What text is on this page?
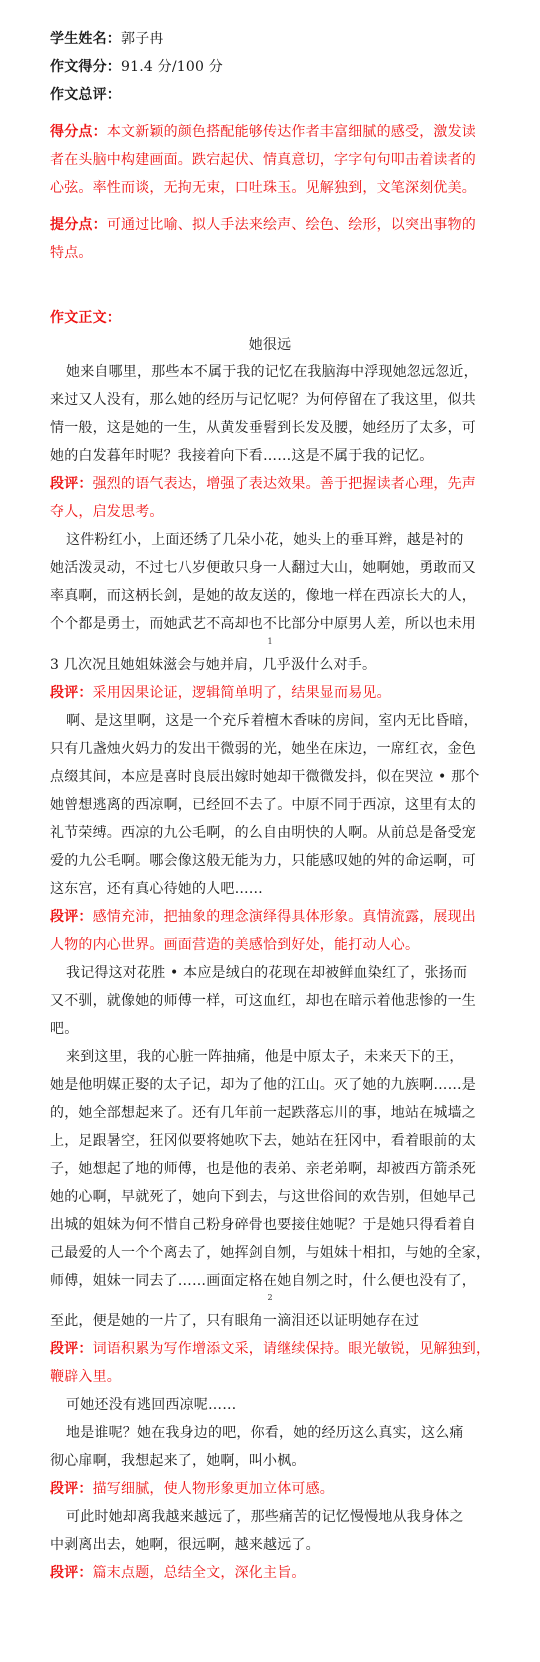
学生姓名：郭子冉
作文得分：91.4 分/100 分
作文总评：
得分点：本文新颖的颜色搭配能够传达作者丰富细腻的感受，激发读
者在头脑中构建画面。跌宕起伏、情真意切，字字句句叩击着读者的
心弦。率性而谈，无拘无束，口吐珠玉。见解独到，文笔深刻优美。
提分点：可通过比喻、拟人手法来绘声、绘色、绘形，以突出事物的
特点。
作文正文：
她很远
她来自哪里，那些本不属于我的记忆在我脑海中浮现她忽远忽近，
来过又人没有，那么她的经历与记忆呢？为何停留在了我这里，似共
情一般，这是她的一生，从黄发垂髫到长发及腰，她经历了太多，可
她的白发暮年时呢？我接着向下看……这是不属于我的记忆。
段评：强烈的语气表达，增强了表达效果。善于把握读者心理，先声
夺人，启发思考。
这件粉红小，上面还绣了几朵小花，她头上的垂耳辫，越是衬的
她活泼灵动，不过七八岁便敢只身一人翻过大山，她啊她，勇敢而又
率真啊，而这柄长剑，是她的故友送的，像地一样在西凉长大的人，
个个都是勇士，而她武艺不高却也不比部分中原男人差，所以也未用
1
3 几次况且她姐妹滋会与她并肩，几乎汲什么对手。
段评：采用因果论证，逻辑简单明了，结果显而易见。
啊、是这里啊，这是一个充斥着檀木香味的房间，室内无比昏暗，
只有几盏烛火妈力的发出干微弱的光，她坐在床边，一席红衣，金色
点缀其间，本应是喜时良辰出嫁时她却干微微发抖，似在哭泣 • 那个
她曾想逃离的西凉啊，已经回不去了。中原不同于西凉，这里有太的
礼节荣缚。西凉的九公毛啊，的么自由明快的人啊。从前总是备受宠
爱的九公毛啊。哪会像这般无能为力，只能感叹她的舛的命运啊，可
这东宫，还有真心待她的人吧……
段评：感情充沛，把抽象的理念演绎得具体形象。真情流露，展现出
人物的内心世界。画面营造的美感恰到好处，能打动人心。
我记得这对花胜 • 本应是绒白的花现在却被鲜血染红了，张扬而
又不驯，就像她的师傅一样，可这血红，却也在暗示着他悲惨的一生
吧。
来到这里，我的心脏一阵抽痛，他是中原太子，未来天下的王，
她是他明媒正娶的太子记，却为了他的江山。灭了她的九族啊……是
的，她全部想起来了。还有几年前一起跌落忘川的事，地站在城墙之
上，足跟暑空，狂冈似要将她吹下去，她站在狂冈中，看着眼前的太
子，她想起了地的师傅，也是他的表弟、亲老弟啊，却被西方箭杀死
她的心啊，早就死了，她向下到去，与这世俗间的欢告别，但她早己
出城的姐妹为何不惜自己粉身碎骨也要接住她呢？于是她只得看着自
己最爱的人一个个离去了，她挥剑自刎，与姐妹十相扣，与她的全家，
师傅，姐妹一同去了……画面定格在她自刎之时，什么便也没有了，
2
至此，便是她的一片了，只有眼角一滴泪还以证明她存在过
段评：词语积累为写作增添文采，请继续保持。眼光敏锐，见解独到，
鞭辟入里。
可她还没有逃回西凉呢……
地是谁呢？她在我身边的吧，你看，她的经历这么真实，这么痛
彻心扉啊，我想起来了，她啊，叫小枫。
段评：描写细腻，使人物形象更加立体可感。
可此时她却离我越来越远了，那些痛苦的记忆慢慢地从我身体之
中剥离出去，她啊，很远啊，越来越远了。
段评：篇末点题，总结全文，深化主旨。
